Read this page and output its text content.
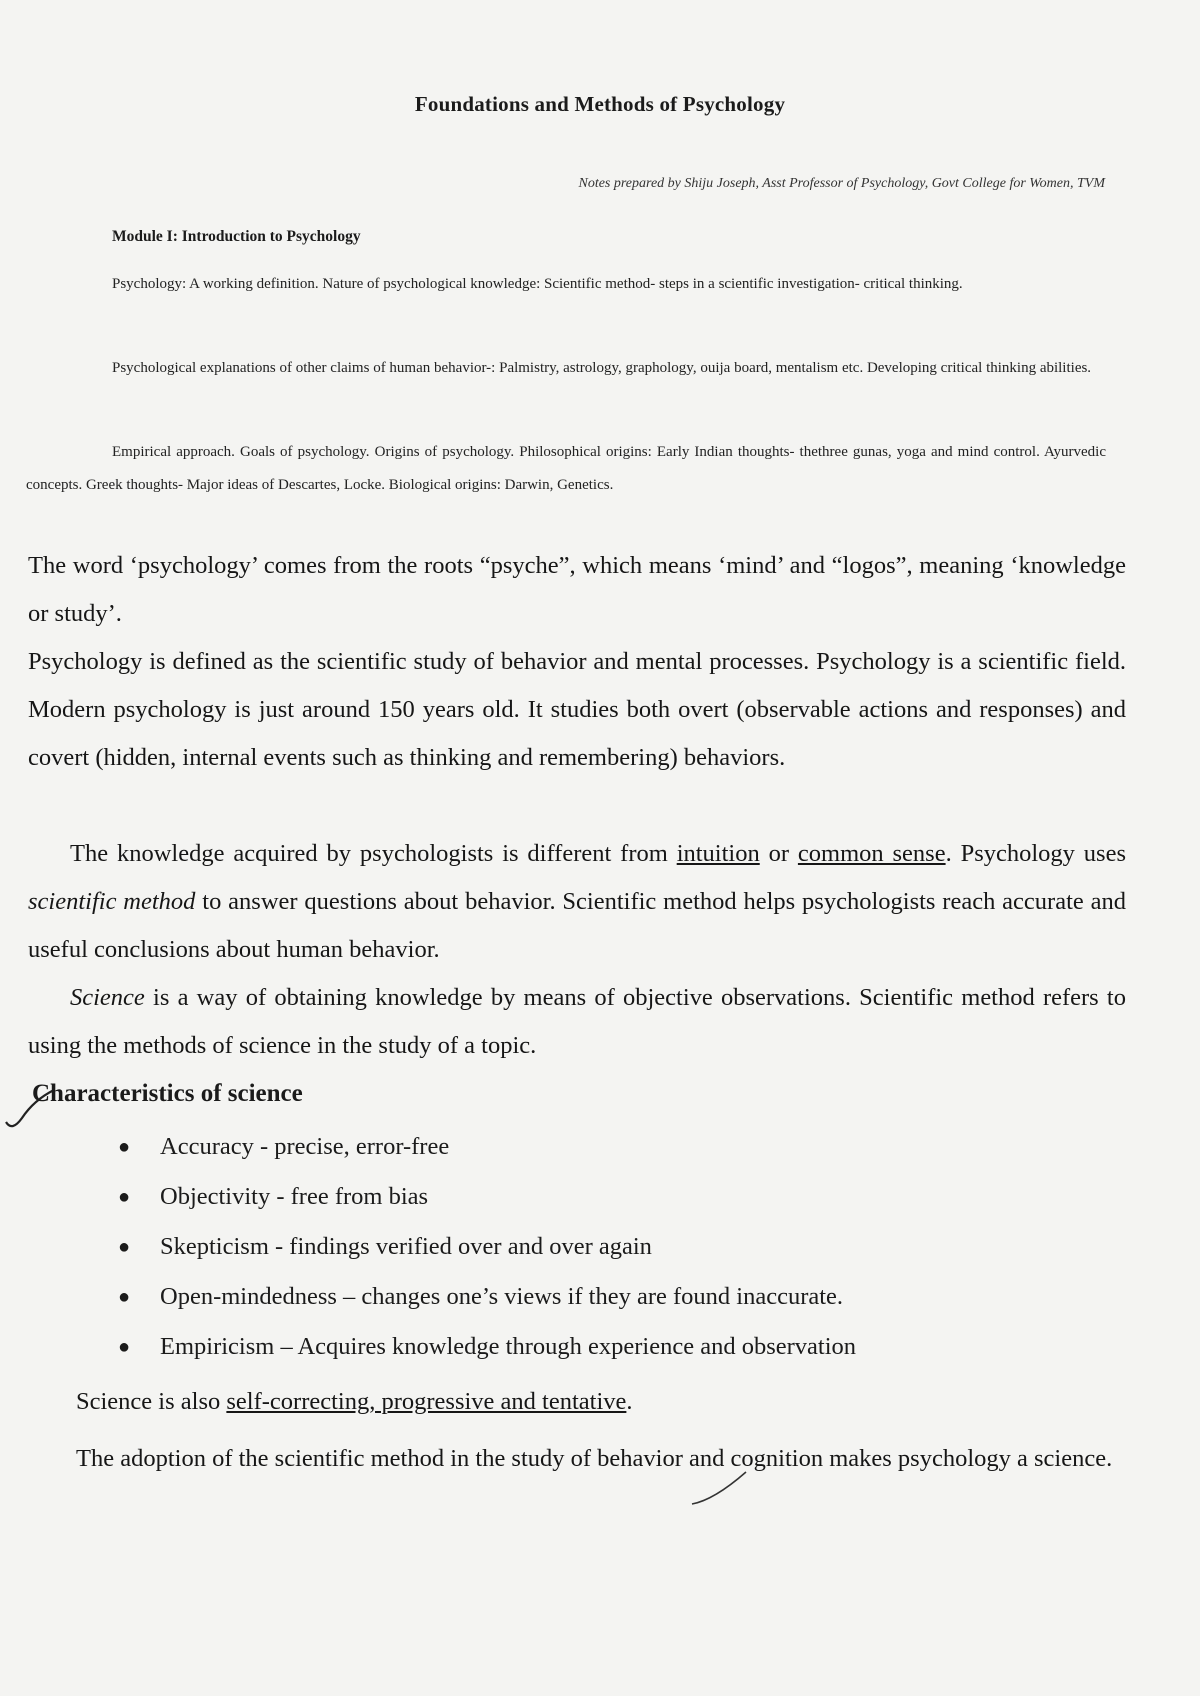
Foundations and Methods of Psychology
Notes prepared by Shiju Joseph, Asst Professor of Psychology, Govt College for Women, TVM
Module I: Introduction to Psychology
Psychology: A working definition. Nature of psychological knowledge: Scientific method- steps in a scientific investigation- critical thinking.
Psychological explanations of other claims of human behavior-: Palmistry, astrology, graphology, ouija board, mentalism etc. Developing critical thinking abilities.
Empirical approach. Goals of psychology. Origins of psychology. Philosophical origins: Early Indian thoughts- thethree gunas, yoga and mind control. Ayurvedic concepts. Greek thoughts- Major ideas of Descartes, Locke. Biological origins: Darwin, Genetics.
The word ‘psychology’ comes from the roots “psyche”, which means ‘mind’ and “logos”, meaning ‘knowledge or study’.
Psychology is defined as the scientific study of behavior and mental processes. Psychology is a scientific field. Modern psychology is just around 150 years old. It studies both overt (observable actions and responses) and covert (hidden, internal events such as thinking and remembering) behaviors.
The knowledge acquired by psychologists is different from intuition or common sense. Psychology uses scientific method to answer questions about behavior. Scientific method helps psychologists reach accurate and useful conclusions about human behavior.
Science is a way of obtaining knowledge by means of objective observations. Scientific method refers to using the methods of science in the study of a topic.
Characteristics of science
● Accuracy - precise, error-free
● Objectivity - free from bias
● Skepticism - findings verified over and over again
● Open-mindedness – changes one’s views if they are found inaccurate.
● Empiricism – Acquires knowledge through experience and observation
Science is also self-correcting, progressive and tentative.
The adoption of the scientific method in the study of behavior and cognition makes psychology a science.
